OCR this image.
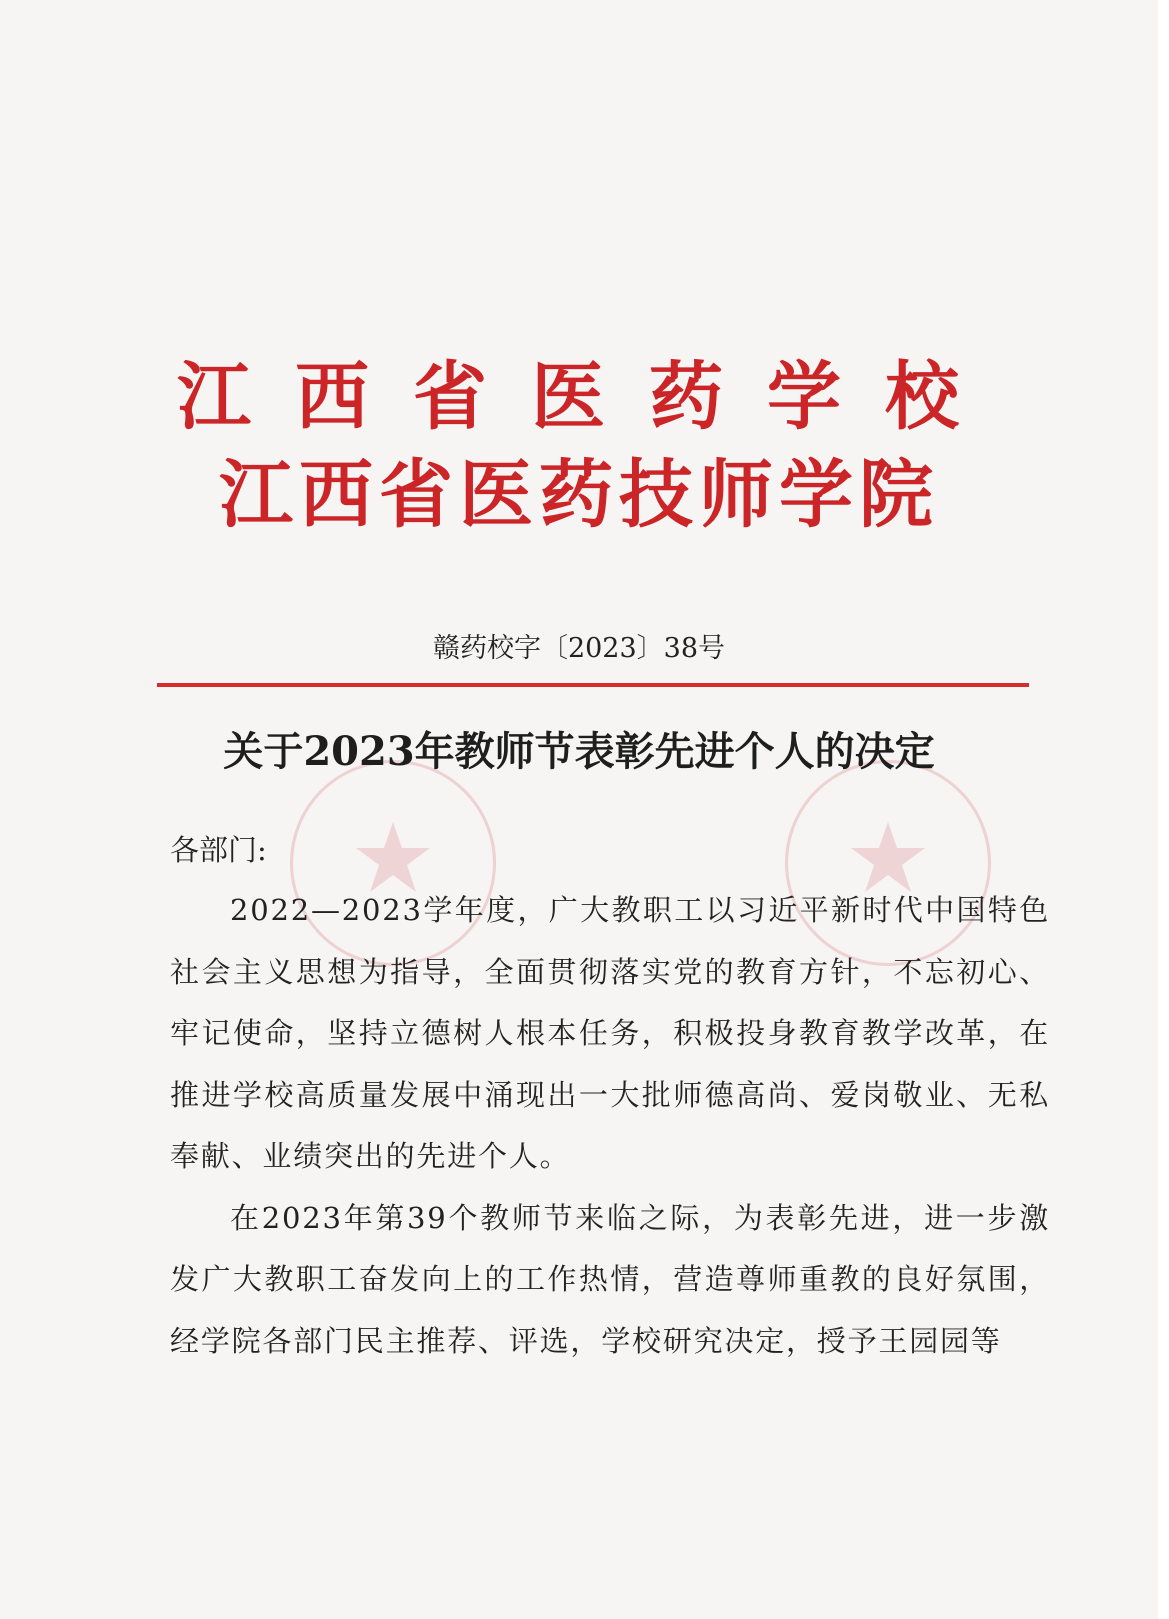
江西省医药学校
江西省医药技师学院
赣药校字〔2023〕38号
关于2023年教师节表彰先进个人的决定
各部门:

2022—2023学年度，广大教职工以习近平新时代中国特色社会主义思想为指导，全面贯彻落实党的教育方针，不忘初心、牢记使命，坚持立德树人根本任务，积极投身教育教学改革，在推进学校高质量发展中涌现出一大批师德高尚、爱岗敬业、无私奉献、业绩突出的先进个人。

在2023年第39个教师节来临之际，为表彰先进，进一步激发广大教职工奋发向上的工作热情，营造尊师重教的良好氛围，经学院各部门民主推荐、评选，学校研究决定，授予王园园等
